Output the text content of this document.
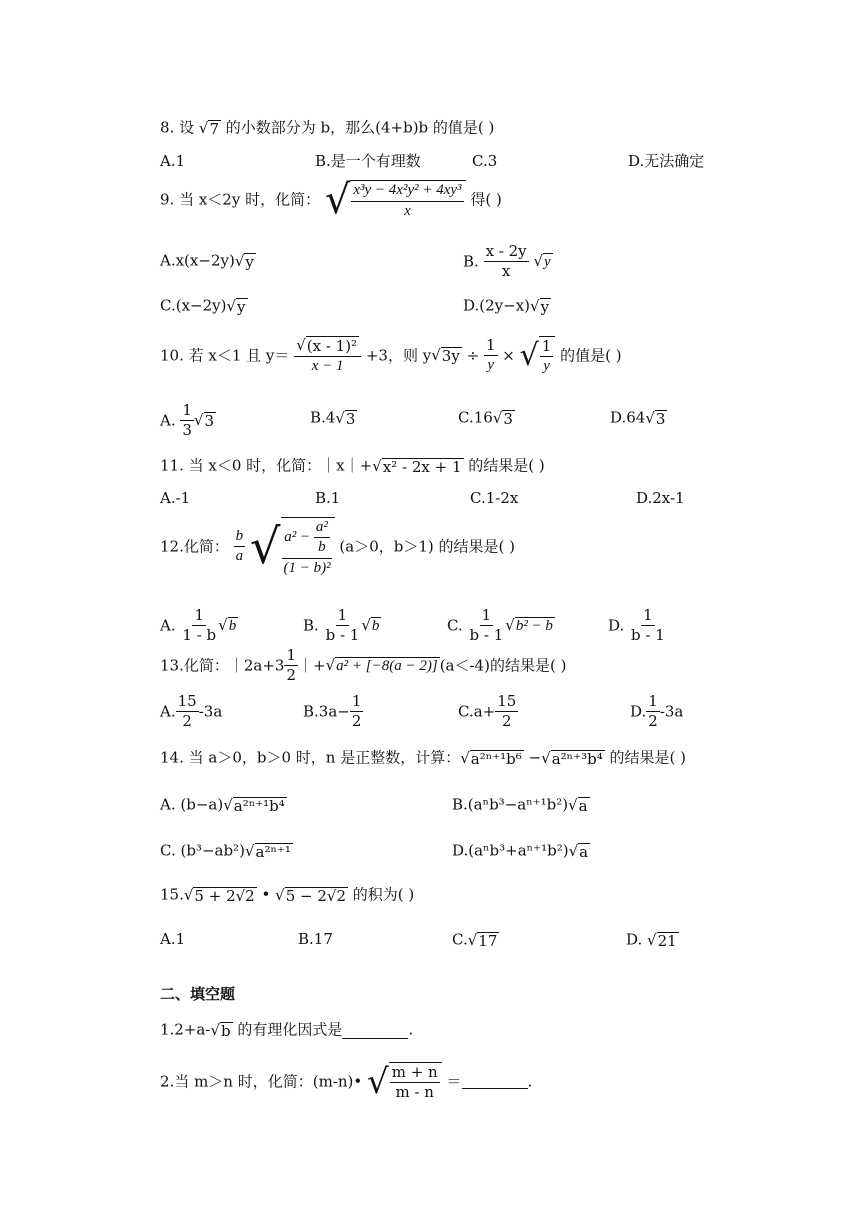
8. 设 √7 的小数部分为 b，那么(4+b)b 的值是( )
A.1	B.是一个有理数	C.3	D.无法确定
9. 当 x＜2y 时，化简： √ $\frac{\text{x³y − 4x²y² + 4xy³}}{x}$ 得( )
A.x(x−2y)√y	B. $\frac{x - 2y}{x} √y$
C.(x−2y)√y	D.(2y−x)√y
10. 若 x＜1 且 $y= \frac{\text{√(x - 1)²}}{x - 1} +3$，则 $y√3y \div \frac{1}{y}$ × √ $\frac{1}{y}$ 的值是( )
A. $\frac{1}{3} √3$	B.4√3	C.16√3	D.64√3
11. 当 x＜0 时，化简：｜x｜+√x² - 2x + 1 的结果是( )
A.-1	B.1	C.1-2x	D.2x-1
12.化简： $\frac{b}{a}$ √ $\frac{a^2 - \frac{\text{a²}}{b}}{\text{(1 − b)²}} (a>0$，b＞1) 的结果是( )
A. $\frac{1}{1 - b} √b$	B. $\frac{1}{b - 1} √b$	C. $\frac{1}{b - 1} √b^2 - b$	D. $\frac{1}{b - 1}$
13.化简：｜2a+3 $\frac{1}{2}$ ｜+√a² + [−8(a − 2)] (a＜-4)的结果是( )
A. $\frac{15}{2} -3a$	$B.3a- \frac{1}{2}$	$C.a+ \frac{15}{2}$	D. $\frac{1}{2} -3a$
14. 当 a＞0，b＞0 时，n 是正整数，计算：√a²ⁿ⁺¹b⁶ −√a²ⁿ⁺³b⁴ 的结果是( )
A. (b−a)√a²ⁿ⁺¹b⁴	B.(aⁿb³−aⁿ⁺¹b²)√a
C. (b³−ab²)√a²ⁿ⁺¹	D.(aⁿb³+aⁿ⁺¹b²)√a
15.√5 + 2√2 • √5 − 2√2 的积为( )
A.1	B.17	C.√17	D. √21
二、填空题
1.2+a-√b 的有理化因式是	.
2.当 m＞n 时，化简：(m-n)• √ $\frac{m + n}{m - n}$ ＝	.
